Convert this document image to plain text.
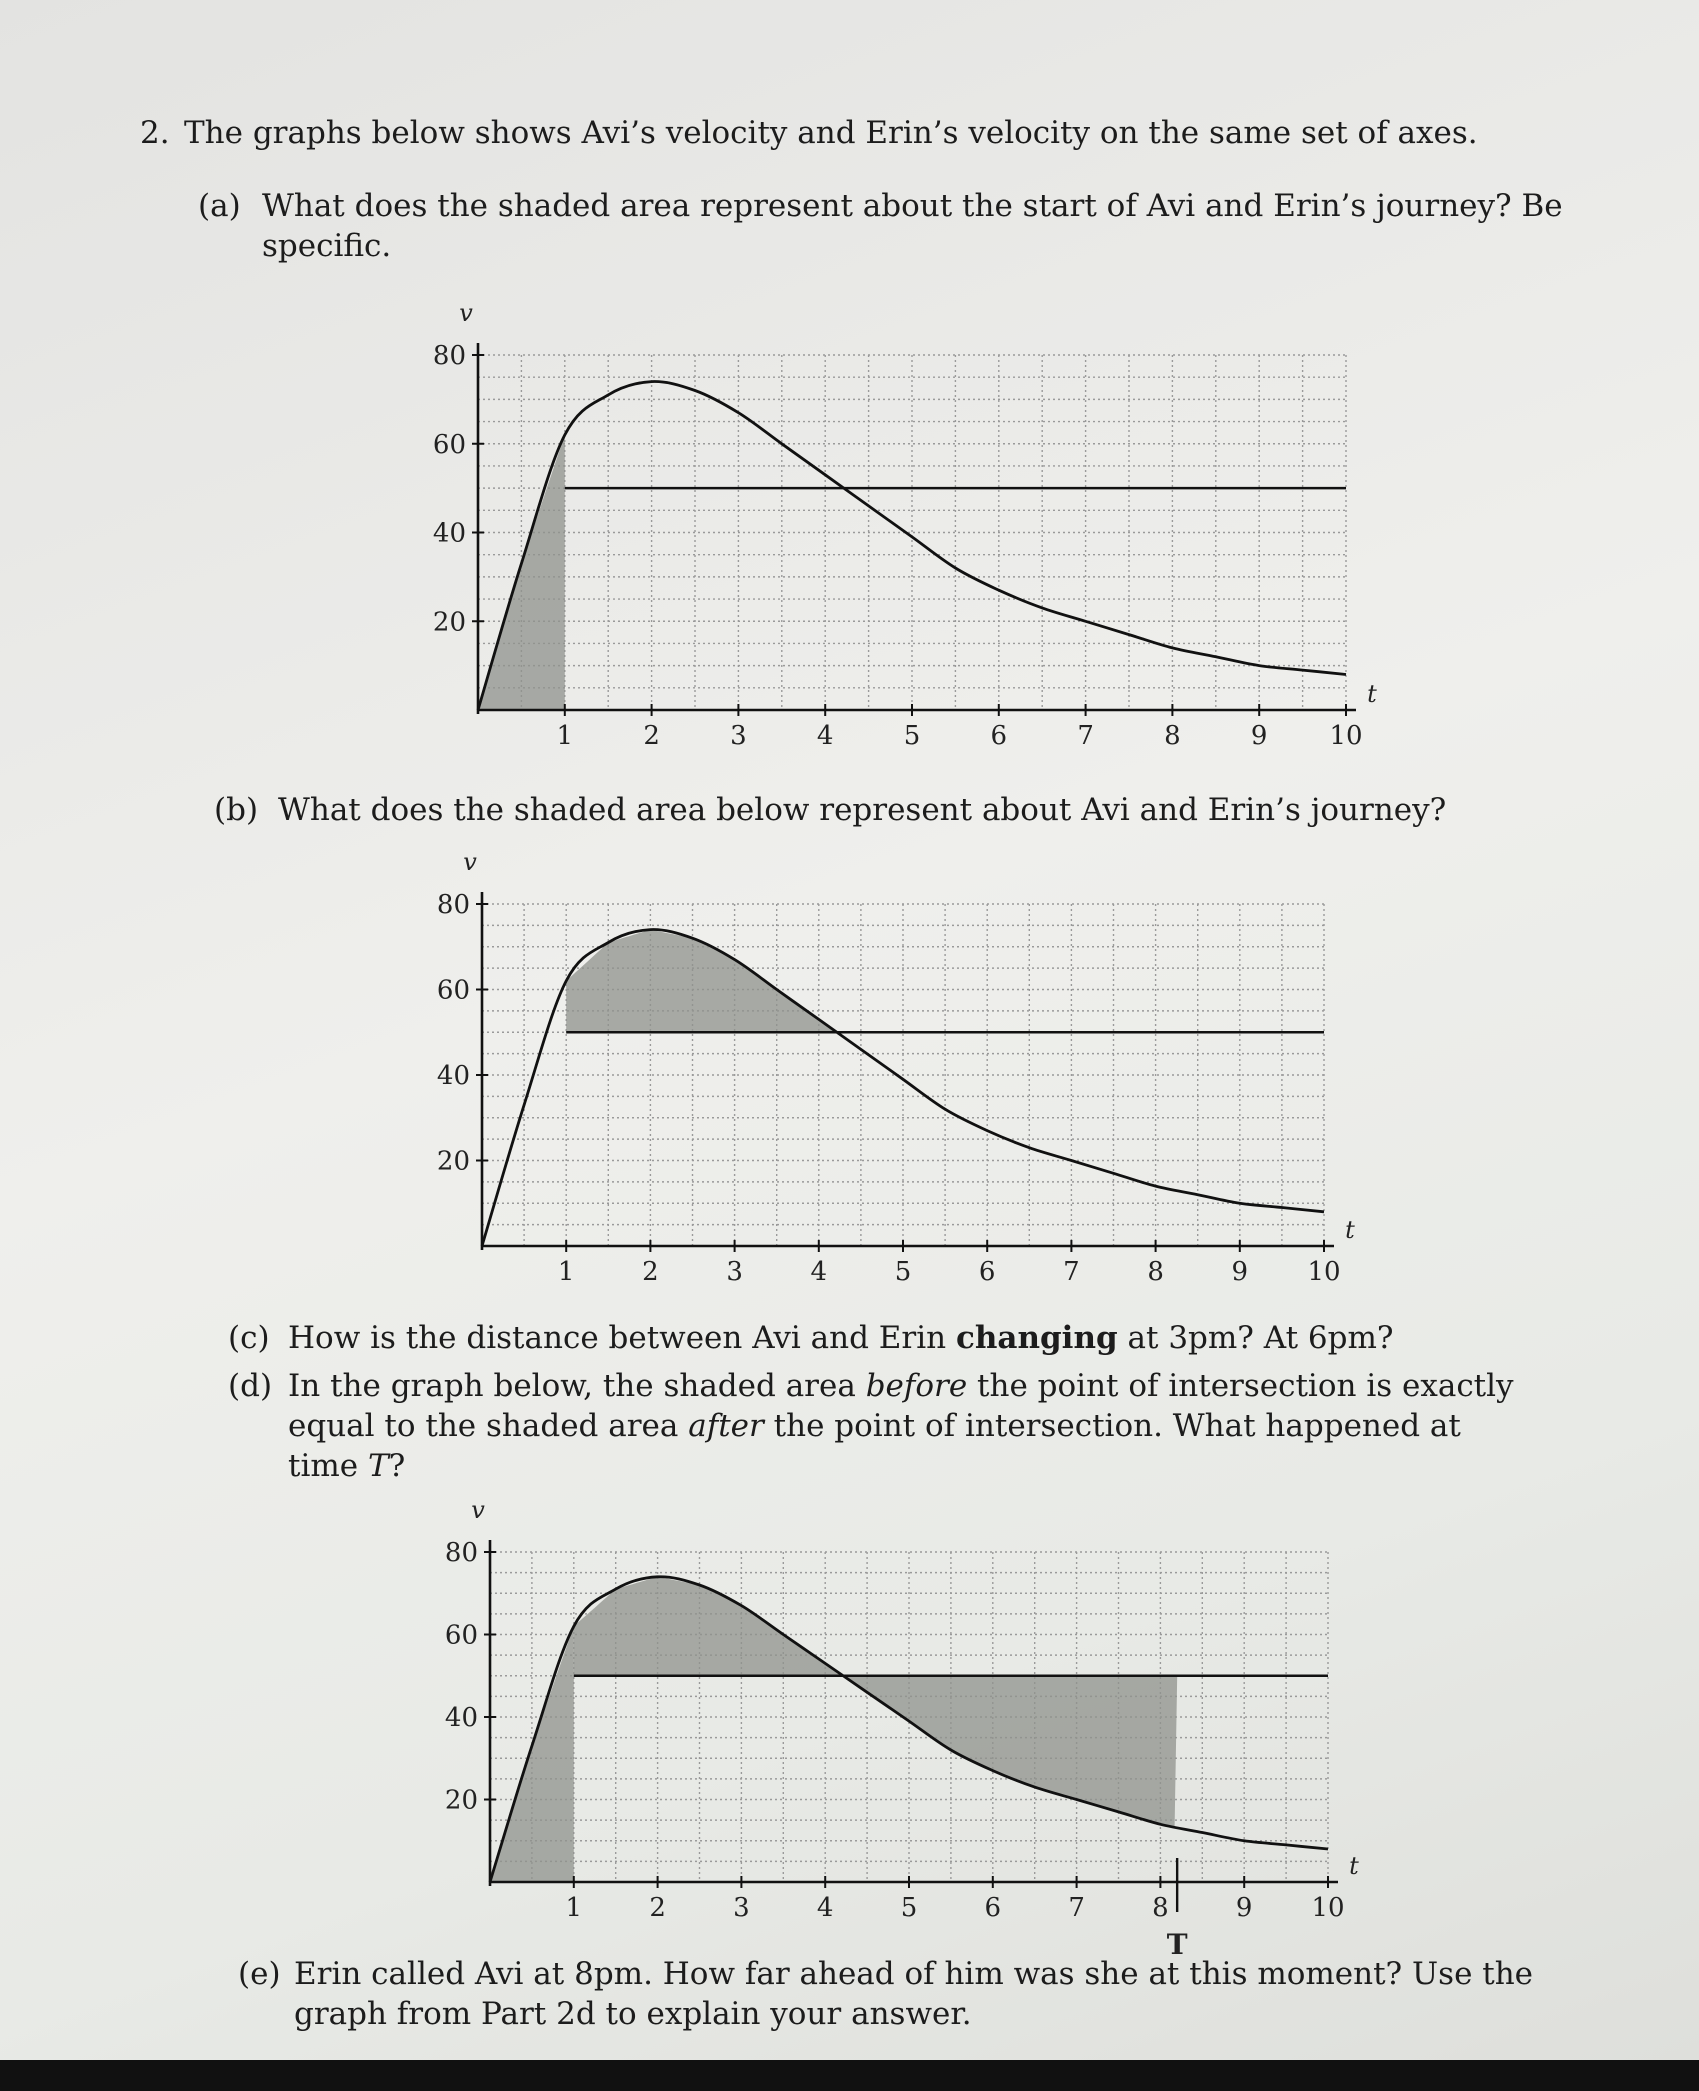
2. The graphs below shows Avi’s velocity and Erin’s velocity on the same set of axes.
(a) What does the shaded area represent about the start of Avi and Erin’s journey? Be specific.
20
40
60
80
1	2	3	4	5	6	7	8	9 10
v
t
(b) What does the shaded area below represent about Avi and Erin’s journey?
20
40
60
80
1	2	3	4	5	6	7	8	9 10
v
t
(c) How is the distance between Avi and Erin changing at 3pm? At 6pm?
(d) In the graph below, the shaded area before the point of intersection is exactly equal to the shaded area after the point of intersection. What happened at time T?
20
40
60
80
1	2	3	4	5	6	7	8	9 10
v
t
T
(e) Erin called Avi at 8pm. How far ahead of him was she at this moment? Use the graph from Part 2d to explain your answer.
